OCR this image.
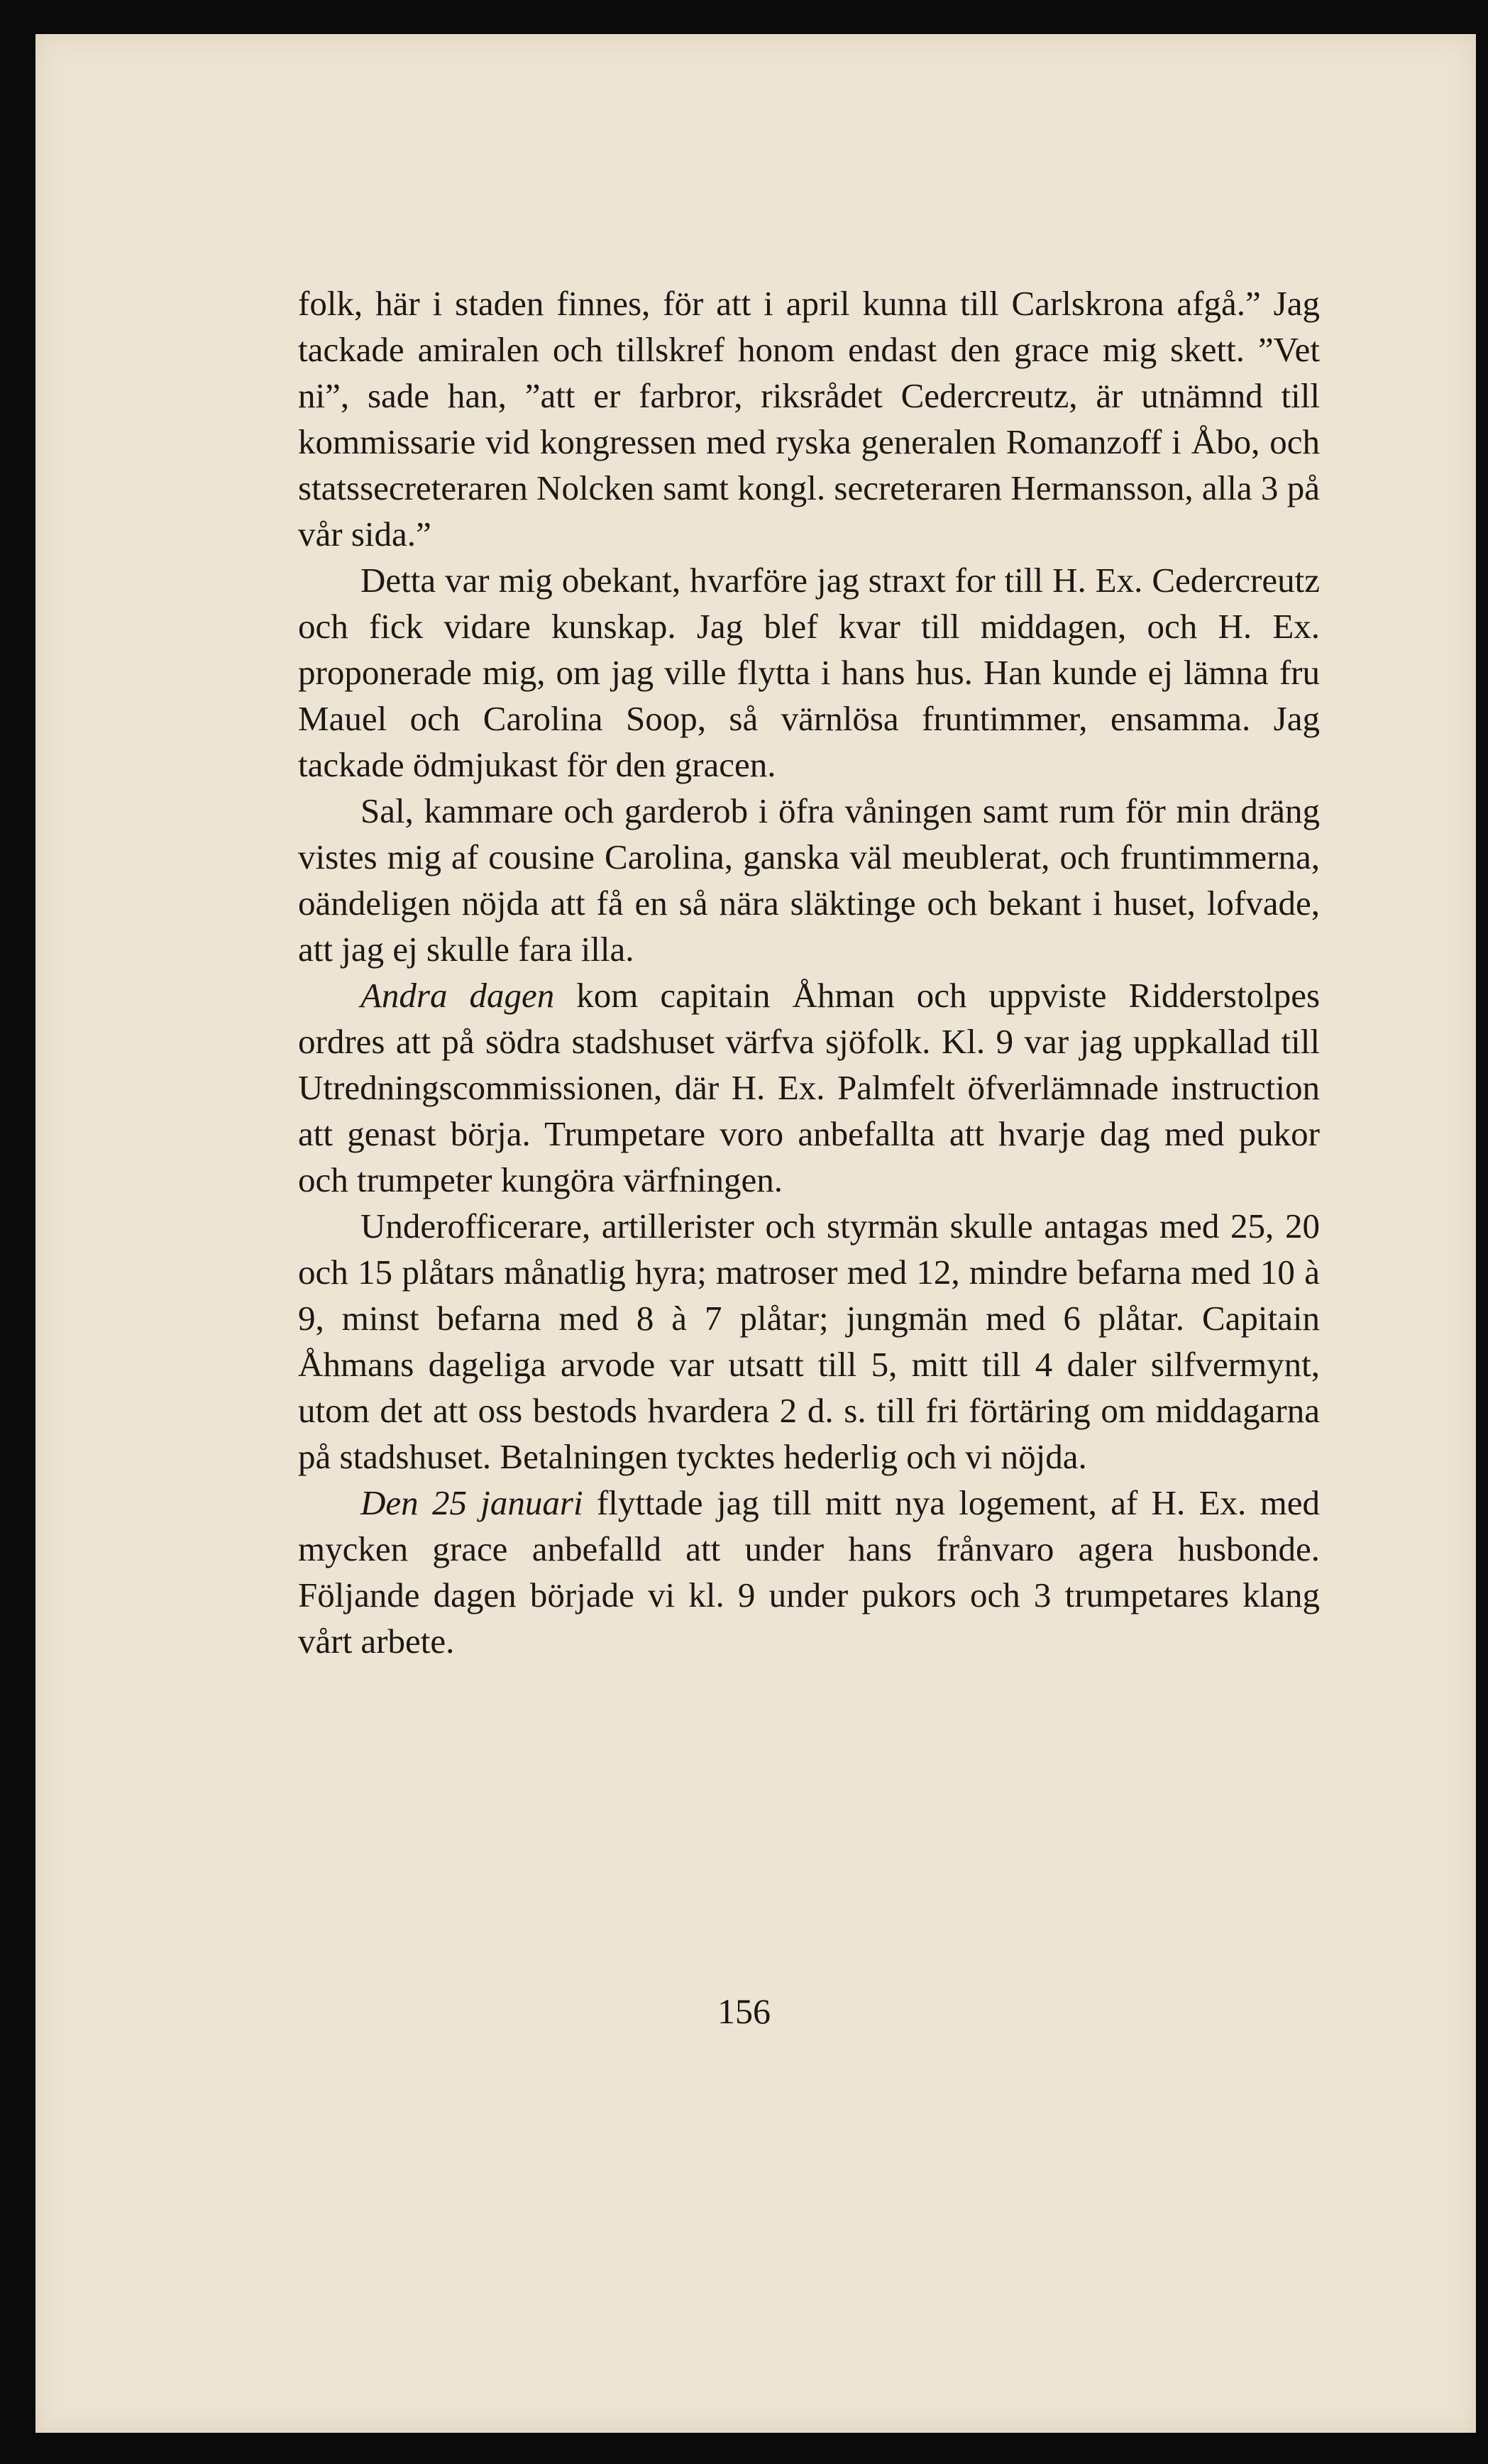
folk, här i staden finnes, för att i april kunna till Carlskrona afgå.” Jag tackade amiralen och tillskref honom endast den grace mig skett. ”Vet ni”, sade han, ”att er farbror, riksrådet Cedercreutz, är utnämnd till kommissarie vid kongressen med ryska generalen Romanzoff i Åbo, och statssecreteraren Nolcken samt kongl. secreteraren Hermansson, alla 3 på vår sida.”

Detta var mig obekant, hvarföre jag straxt for till H. Ex. Cedercreutz och fick vidare kunskap. Jag blef kvar till middagen, och H. Ex. proponerade mig, om jag ville flytta i hans hus. Han kunde ej lämna fru Mauel och Carolina Soop, så värnlösa fruntimmer, ensamma. Jag tackade ödmjukast för den gracen.

Sal, kammare och garderob i öfra våningen samt rum för min dräng vistes mig af cousine Carolina, ganska väl meublerat, och fruntimmerna, oändeligen nöjda att få en så nära släktinge och bekant i huset, lofvade, att jag ej skulle fara illa.

Andra dagen kom capitain Åhman och uppviste Ridderstolpes ordres att på södra stadshuset värfva sjöfolk. Kl. 9 var jag uppkallad till Utredningscommissionen, där H. Ex. Palmfelt öfverlämnade instruction att genast börja. Trumpetare voro anbefallta att hvarje dag med pukor och trumpeter kungöra värfningen.

Underofficerare, artillerister och styrmän skulle antagas med 25, 20 och 15 plåtars månatlig hyra; matroser med 12, mindre befarna med 10 à 9, minst befarna med 8 à 7 plåtar; jungmän med 6 plåtar. Capitain Åhmans dageliga arvode var utsatt till 5, mitt till 4 daler silfvermynt, utom det att oss bestods hvardera 2 d. s. till fri förtäring om middagarna på stadshuset. Betalningen tycktes hederlig och vi nöjda.

Den 25 januari flyttade jag till mitt nya logement, af H. Ex. med mycken grace anbefalld att under hans frånvaro agera husbonde. Följande dagen började vi kl. 9 under pukors och 3 trumpetares klang vårt arbete.

156
